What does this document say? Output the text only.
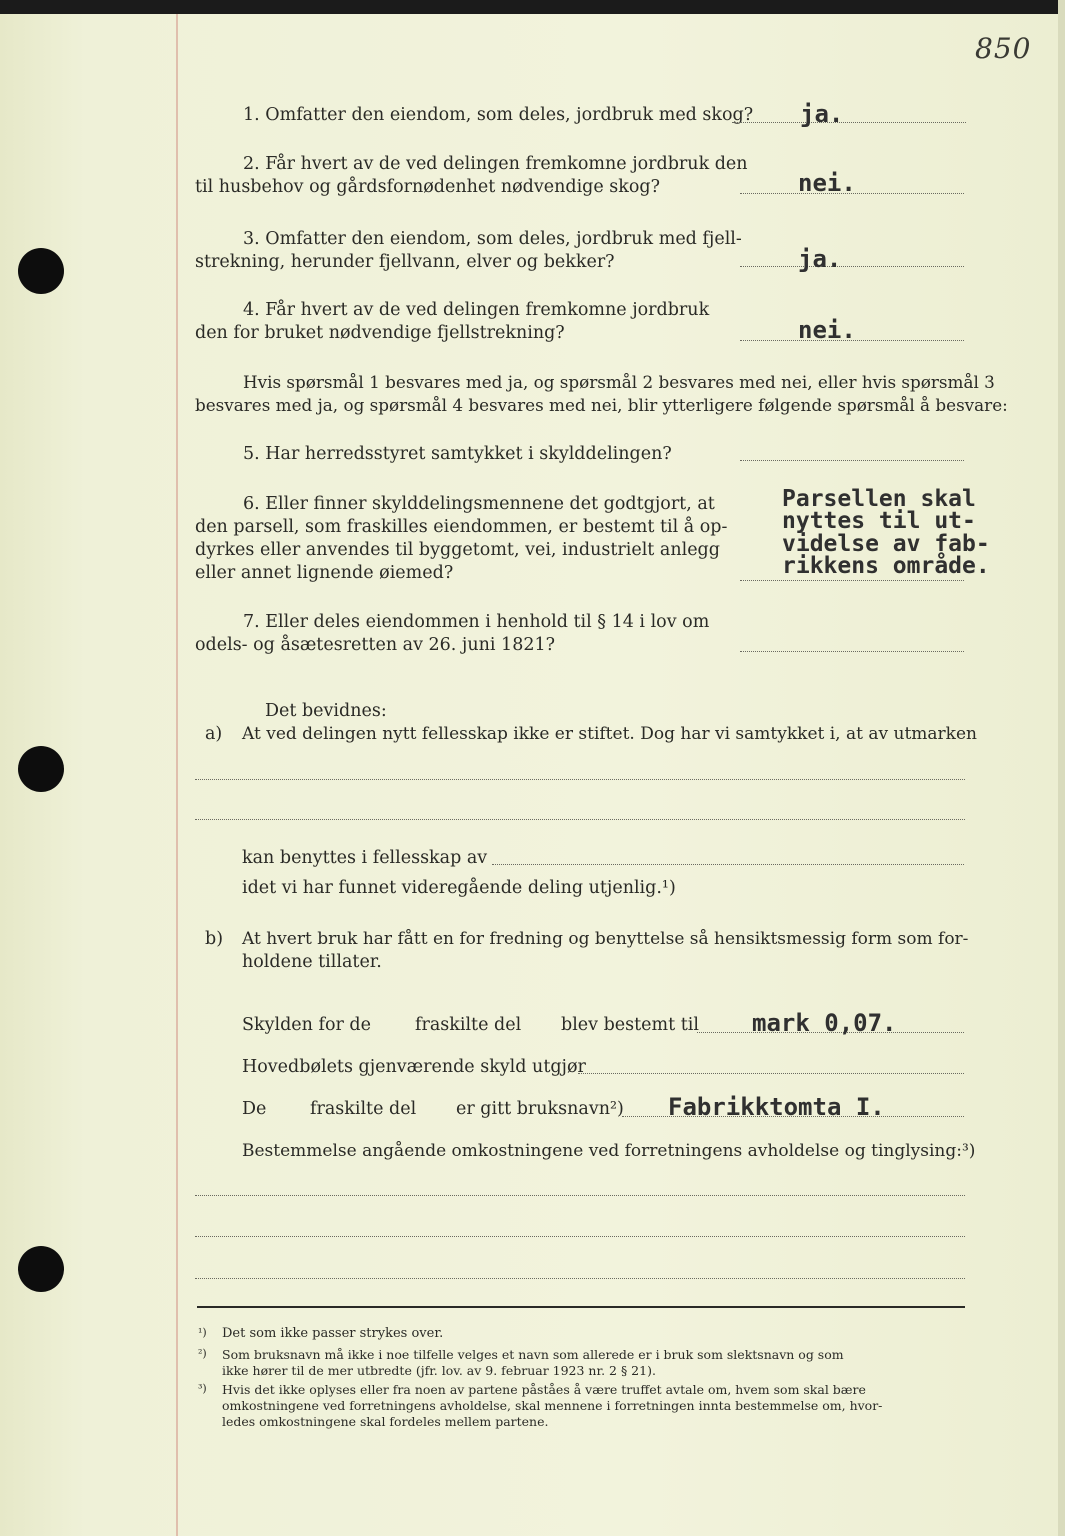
850
1. Omfatter den eiendom, som deles, jordbruk med skog? ja.
2. Får hvert av de ved delingen fremkomne jordbruk den
til husbehov og gårdsfornødenhet nødvendige skog?	nei.
3. Omfatter den eiendom, som deles, jordbruk med fjell-
strekning, herunder fjellvann, elver og bekker?	ja.
4. Får hvert av de ved delingen fremkomne jordbruk
den for bruket nødvendige fjellstrekning?	nei.
Hvis spørsmål 1 besvares med ja, og spørsmål 2 besvares med nei, eller hvis spørsmål 3
besvares med ja, og spørsmål 4 besvares med nei, blir ytterligere følgende spørsmål å besvare:
5. Har herredsstyret samtykket i skylddelingen?
6. Eller finner skylddelingsmennene det godtgjort, at
den parsell, som fraskilles eiendommen, er bestemt til å op-
dyrkes eller anvendes til byggetomt, vei, industrielt anlegg
eller annet lignende øiemed?
Parsellen skal
nyttes til ut-
videlse av fab-
rikkens område.
7. Eller deles eiendommen i henhold til § 14 i lov om
odels- og åsætesretten av 26. juni 1821?
Det bevidnes:
a) At ved delingen nytt fellesskap ikke er stiftet. Dog har vi samtykket i, at av utmarken
kan benyttes i fellesskap av
idet vi har funnet videregående deling utjenlig.¹)
b) At hvert bruk har fått en for fredning og benyttelse så hensiktsmessig form som for-
holdene tillater.
Skylden for de	fraskilte del blev bestemt til mark 0,07.
Hovedbølets gjenværende skyld utgjør
De fraskilte del er gitt bruksnavn²) Fabrikktomta I.
Bestemmelse angående omkostningene ved forretningens avholdelse og tinglysing:³)
¹) Det som ikke passer strykes over.
²) Som bruksnavn må ikke i noe tilfelle velges et navn som allerede er i bruk som slektsnavn og som
ikke hører til de mer utbredte (jfr. lov. av 9. februar 1923 nr. 2 § 21).
³) Hvis det ikke oplyses eller fra noen av partene påståes å være truffet avtale om, hvem som skal bære
omkostningene ved forretningens avholdelse, skal mennene i forretningen innta bestemmelse om, hvor-
ledes omkostningene skal fordeles mellem partene.
